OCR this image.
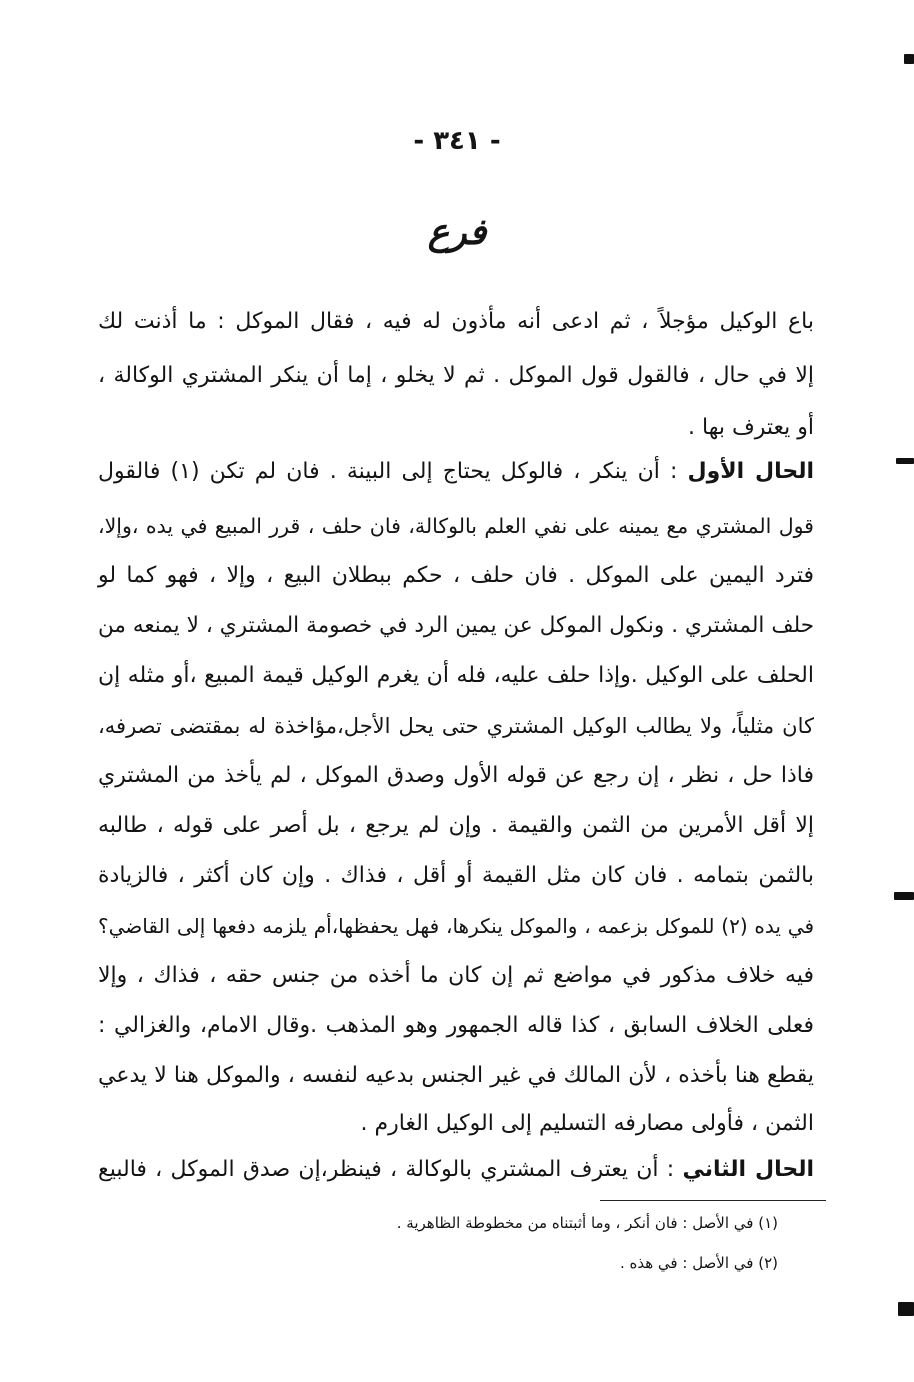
- ٣٤١ -
فرع
باع الوكيل مؤجلاً ، ثم ادعى أنه مأذون له فيه ، فقال الموكل : ما أذنت لك
إلا في حال ، فالقول قول الموكل . ثم لا يخلو ، إما أن ينكر المشتري الوكالة ،
أو يعترف بها .
الحال الأول : أن ينكر ، فالوكل يحتاج إلى البينة . فان لم تكن (١) فالقول
قول المشتري مع يمينه على نفي العلم بالوكالة، فان حلف ، قرر المبيع في يده ،وإلا،
فترد اليمين على الموكل . فان حلف ، حكم ببطلان البيع ، وإلا ، فهو كما لو
حلف المشتري . ونكول الموكل عن يمين الرد في خصومة المشتري ، لا يمنعه من
الحلف على الوكيل .وإذا حلف عليه، فله أن يغرم الوكيل قيمة المبيع ،أو مثله إن
كان مثلياً، ولا يطالب الوكيل المشتري حتى يحل الأجل،مؤاخذة له بمقتضى تصرفه،
فاذا حل ، نظر ، إن رجع عن قوله الأول وصدق الموكل ، لم يأخذ من المشتري
إلا أقل الأمرين من الثمن والقيمة . وإن لم يرجع ، بل أصر على قوله ، طالبه
بالثمن بتمامه . فان كان مثل القيمة أو أقل ، فذاك . وإن كان أكثر ، فالزيادة
في يده (٢) للموكل بزعمه ، والموكل ينكرها، فهل يحفظها،أم يلزمه دفعها إلى القاضي؟
فيه خلاف مذكور في مواضع ثم إن كان ما أخذه من جنس حقه ، فذاك ، وإلا
فعلى الخلاف السابق ، كذا قاله الجمهور وهو المذهب .وقال الامام، والغزالي :
يقطع هنا بأخذه ، لأن المالك في غير الجنس بدعيه لنفسه ، والموكل هنا لا يدعي
الثمن ، فأولى مصارفه التسليم إلى الوكيل الغارم .
الحال الثاني : أن يعترف المشتري بالوكالة ، فينظر،إن صدق الموكل ، فالبيع
(١) في الأصل : فان أنكر ، وما أثبتناه من مخطوطة الظاهرية .
(٢) في الأصل : في هذه .
